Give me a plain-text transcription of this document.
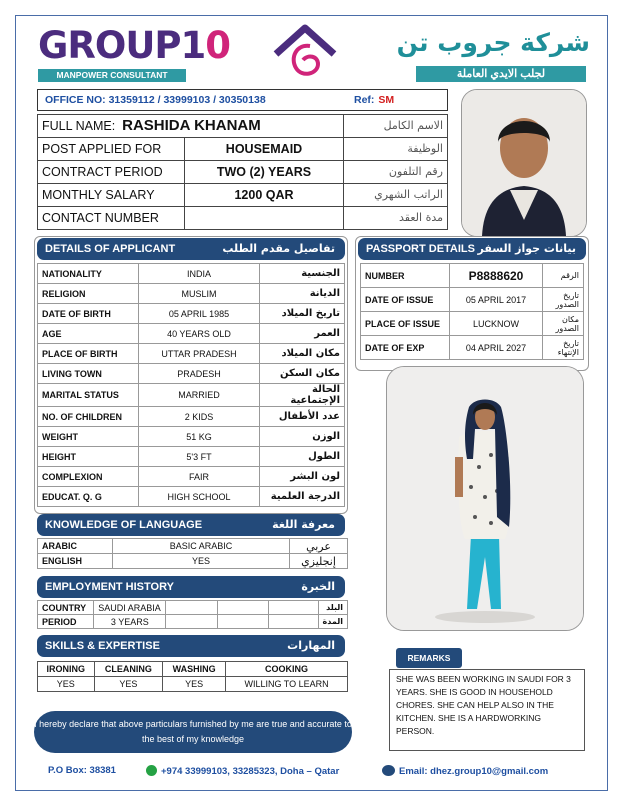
GROUP10
MANPOWER CONSULTANT
شركة جروب تن
لجلب الايدي العاملة
OFFICE NO: 31359112 / 33999103 / 30350138	Ref: SM
FULL NAME: RASHIDA KHANAM		الاسم الكامل
POST APPLIED FOR	HOUSEMAID	الوظيفة
CONTRACT PERIOD	TWO (2) YEARS	رقم التلفون
MONTHLY SALARY	1200 QAR	الراتب الشهري
CONTACT NUMBER		مدة العقد
DETAILS OF APPLICANT	تفاصيل مقدم الطلب
NATIONALITY	INDIA	الجنسية
RELIGION	MUSLIM	الديانة
DATE OF BIRTH	05 APRIL 1985	تاريخ الميلاد
AGE	40 YEARS OLD	العمر
PLACE OF BIRTH	UTTAR PRADESH	مكان الميلاد
LIVING TOWN	PRADESH	مكان السكن
MARITAL STATUS	MARRIED	الحالة الإجتماعية
NO. OF CHILDREN	2 KIDS	عدد الأطفال
WEIGHT	51 KG	الوزن
HEIGHT	5'3 FT	الطول
COMPLEXION	FAIR	لون البشر
EDUCAT. Q. G	HIGH SCHOOL	الدرجة العلمية
PASSPORT DETAILS بيانات جواز السفر
NUMBER	P8888620	الرقم
DATE OF ISSUE	05 APRIL 2017	تاريخ الصدور
PLACE OF ISSUE	LUCKNOW	مكان الصدور
DATE OF EXP	04 APRIL 2027	تاريخ الإنتهاء
KNOWLEDGE OF LANGUAGE	معرفة اللغة
ARABIC	BASIC ARABIC	عربي
ENGLISH	YES	إنجليزي
EMPLOYMENT HISTORY	الخبرة
COUNTRY	SAUDI ARABIA				البلد
PERIOD	3 YEARS				المدة
SKILLS & EXPERTISE	المهارات
IRONING	CLEANING	WASHING	COOKING
YES	YES	YES	WILLING TO LEARN
REMARKS
SHE WAS BEEN WORKING IN SAUDI FOR 3 YEARS. SHE IS GOOD IN HOUSEHOLD CHORES. SHE CAN HELP ALSO IN THE KITCHEN. SHE IS A HARDWORKING PERSON.
I hereby declare that above particulars furnished by me are true and accurate to the best of my knowledge
P.O Box: 38381	+974 33999103, 33285323, Doha – Qatar	Email: dhez.group10@gmail.com
